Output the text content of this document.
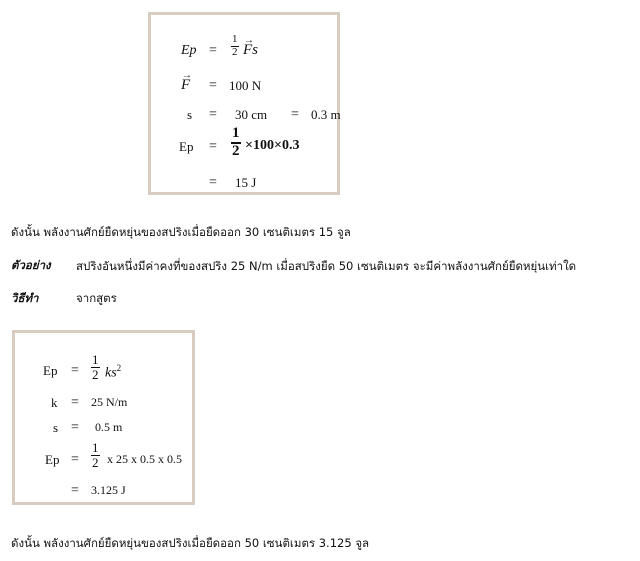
$Ep = \frac{1}{2}$ →
Fs
→
F = 100 N
s = 30 cm = 0.3 m
$Ep = \frac{1}{2} \times 100\times 0.3$
= 15 J
ดังนั้น พลังงานศักย์ยืดหยุ่นของสปริงเมื่อยืดออก 30 เซนติเมตร 15 จูล
ตัวอย่าง สปริงอันหนึ่งมีค่าคงที่ของสปริง 25 N/m เมื่อสปริงยืด 50 เซนติเมตร จะมีค่าพลังงานศักย์ยืดหยุ่นเท่าใด
วิธีทำ	จากสูตร
$Ep = \frac{1}{2} ks^2$
k = 25 N/m
s = 0.5 m
$Ep = \frac{1}{2}$ x 25 x 0.5 x 0.5
= 3.125 J
ดังนั้น พลังงานศักย์ยืดหยุ่นของสปริงเมื่อยืดออก 50 เซนติเมตร 3.125 จูล
